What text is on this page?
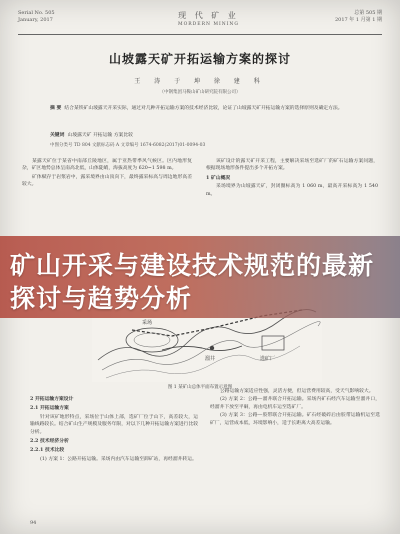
Serial No. 505
January, 2017	现 代 矿 业
MORDERN MINING
总第 505 期
2017 年 1 月第 1 期
山坡露天矿开拓运输方案的探讨
王 涛 于 坤 徐 建 科
（中钢集团马鞍山矿山研究院有限公司）
摘 要 结合某铁矿山坡露天开采实际，通过对几种开拓运输方案的技术经济比较，论证了山坡露天矿开拓运输方案的选择原则及确定方法。
关键词 山坡露天矿 开拓运输 方案比较
中图分类号 TD 804 文献标志码 A 文章编号 1674-6082(2017)01-0094-03

某露天矿位于某省中南部丘陵地区，属于亚热带季风气候区。区内地形复杂，矿区地势总体呈南高北低，山体陡峭，海拔高度为 620~1 598 m。

矿体赋存于岩浆岩中，露采境界由山顶向下，最终露采标高与周边地形高差较大。

该矿设计的露天矿开采工程，主要解决采场至选矿厂的矿石运输方案问题，根据现场地形条件提出多个开拓方案。

1 矿山概况

采场境界为山坡露天矿，封闭圈标高为 1 060 m，最高开采标高为 1 540 m。

采场
溜井	选矿厂
图 1 某矿山总体平面布置示意图

2 开拓运输方案设计

2.1 开拓运输方案

针对该矿地形特点，采场位于山体上部，选矿厂位于山下，高差较大，运输线路较长。结合矿山生产规模及服务年限，对以下几种开拓运输方案进行比较分析。

2.2 技术经济分析

2.2.1 技术比较

(1) 方案 1：公路开拓运输。采场内由汽车运输至卸矿站，再经溜井转运。

公路运输方案适应性强，灵活方便，但运营费用较高，受天气影响较大。

(2) 方案 2：公路—溜井联合开拓运输。采场内矿石经汽车运输至溜井口，经溜井下放至平硐，再由电机车运至选矿厂。

(3) 方案 3：公路—胶带联合开拓运输。矿石经破碎后由胶带运输机运至选矿厂，运营成本低，环境影响小，适于长距离大高差运输。

94
矿山开采与建设技术规范的最新探讨与趋势分析
